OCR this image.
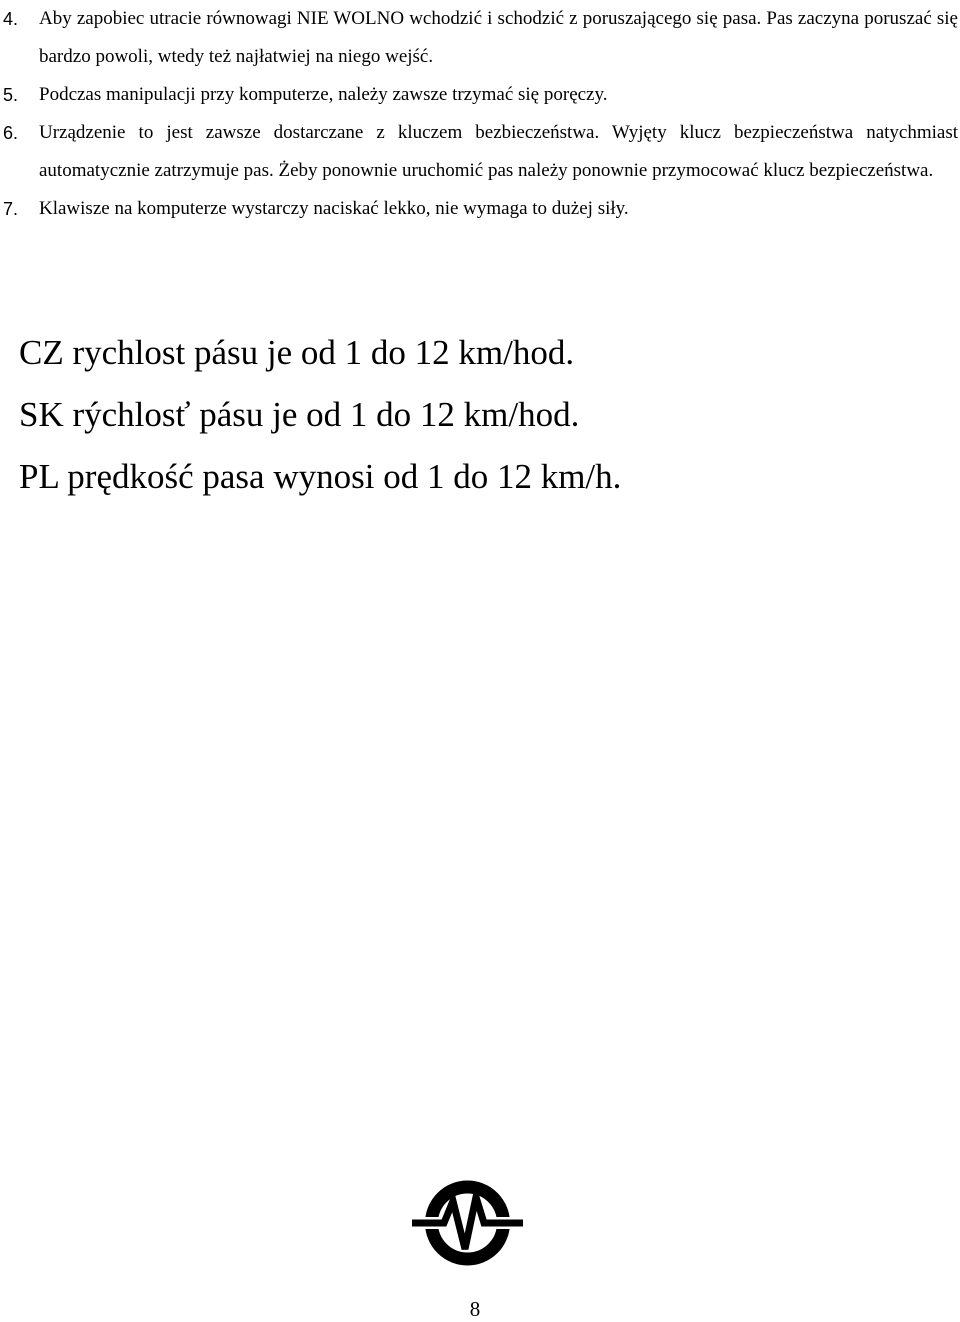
4. Aby zapobiec utracie równowagi NIE WOLNO wchodzić i schodzić z poruszającego się pasa. Pas zaczyna poruszać się bardzo powoli, wtedy też najłatwiej na niego wejść.
5. Podczas manipulacji przy komputerze, należy zawsze trzymać się poręczy.
6. Urządzenie to jest zawsze dostarczane z kluczem bezbieczeństwa. Wyjęty klucz bezpieczeństwa natychmiast automatycznie zatrzymuje pas. Żeby ponownie uruchomić pas należy ponownie przymocować klucz bezpieczeństwa.
7. Klawisze na komputerze wystarczy naciskać lekko, nie wymaga to dużej siły.
CZ rychlost pásu je od 1 do 12 km/hod.
SK rýchlosť pásu je od 1 do 12 km/hod.
PL prędkość pasa wynosi od 1 do 12 km/h.
8
